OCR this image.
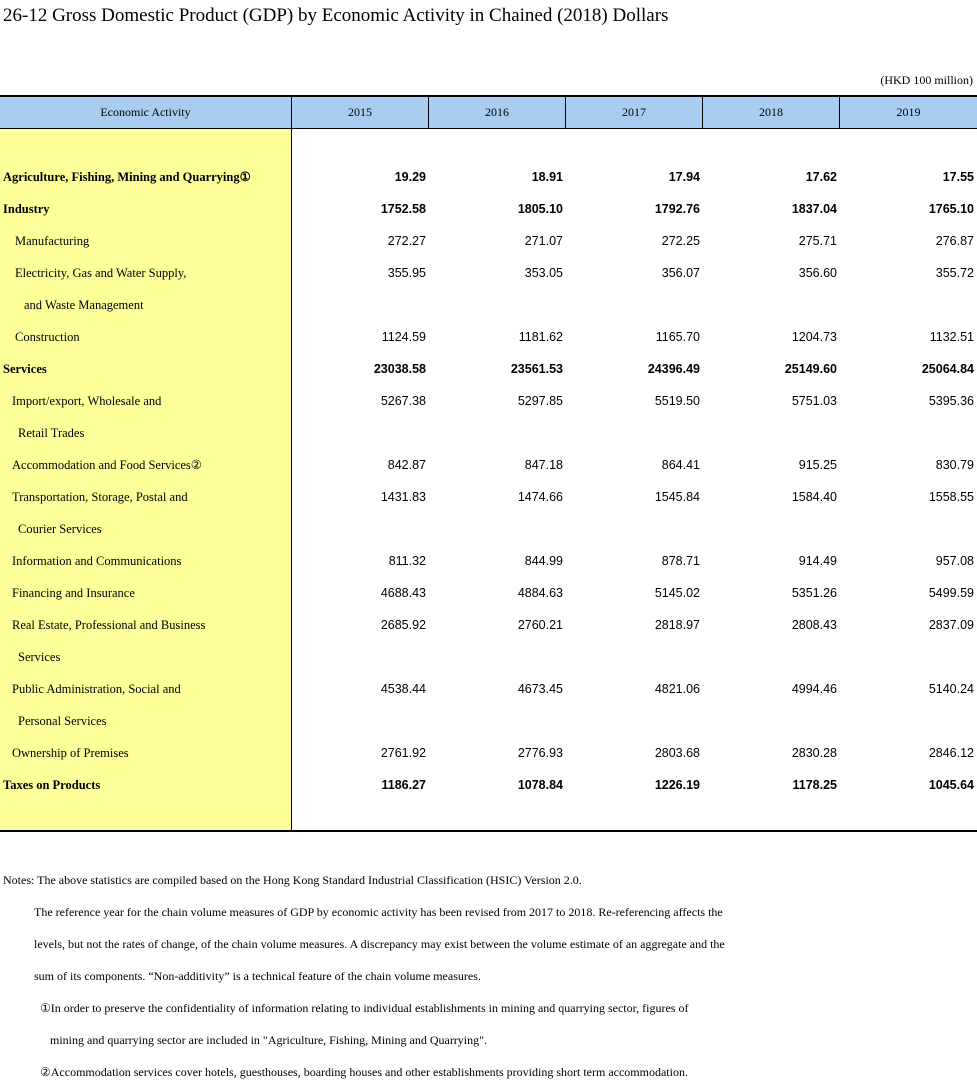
26-12 Gross Domestic Product (GDP) by Economic Activity in Chained (2018) Dollars
(HKD 100 million)
Economic Activity	2015	2016	2017	2018	2019
Agriculture, Fishing, Mining and Quarrying①	19.29	18.91	17.94	17.62	17.55
Industry	1752.58	1805.10	1792.76	1837.04	1765.10
Manufacturing	272.27	271.07	272.25	275.71	276.87
Electricity, Gas and Water Supply,	355.95	353.05	356.07	356.60	355.72
and Waste Management
Construction	1124.59	1181.62	1165.70	1204.73	1132.51
Services	23038.58	23561.53	24396.49	25149.60	25064.84
Import/export, Wholesale and	5267.38	5297.85	5519.50	5751.03	5395.36
Retail Trades
Accommodation and Food Services②	842.87	847.18	864.41	915.25	830.79
Transportation, Storage, Postal and	1431.83	1474.66	1545.84	1584.40	1558.55
Courier Services
Information and Communications	811.32	844.99	878.71	914.49	957.08
Financing and Insurance	4688.43	4884.63	5145.02	5351.26	5499.59
Real Estate, Professional and Business	2685.92	2760.21	2818.97	2808.43	2837.09
Services
Public Administration, Social and	4538.44	4673.45	4821.06	4994.46	5140.24
Personal Services
Ownership of Premises	2761.92	2776.93	2803.68	2830.28	2846.12
Taxes on Products	1186.27	1078.84	1226.19	1178.25	1045.64
Notes: The above statistics are compiled based on the Hong Kong Standard Industrial Classification (HSIC) Version 2.0.
The reference year for the chain volume measures of GDP by economic activity has been revised from 2017 to 2018. Re-referencing affects the
levels, but not the rates of change, of the chain volume measures. A discrepancy may exist between the volume estimate of an aggregate and the
sum of its components. “Non-additivity” is a technical feature of the chain volume measures.
①In order to preserve the confidentiality of information relating to individual establishments in mining and quarrying sector, figures of
mining and quarrying sector are included in "Agriculture, Fishing, Mining and Quarrying".
②Accommodation services cover hotels, guesthouses, boarding houses and other establishments providing short term accommodation.
